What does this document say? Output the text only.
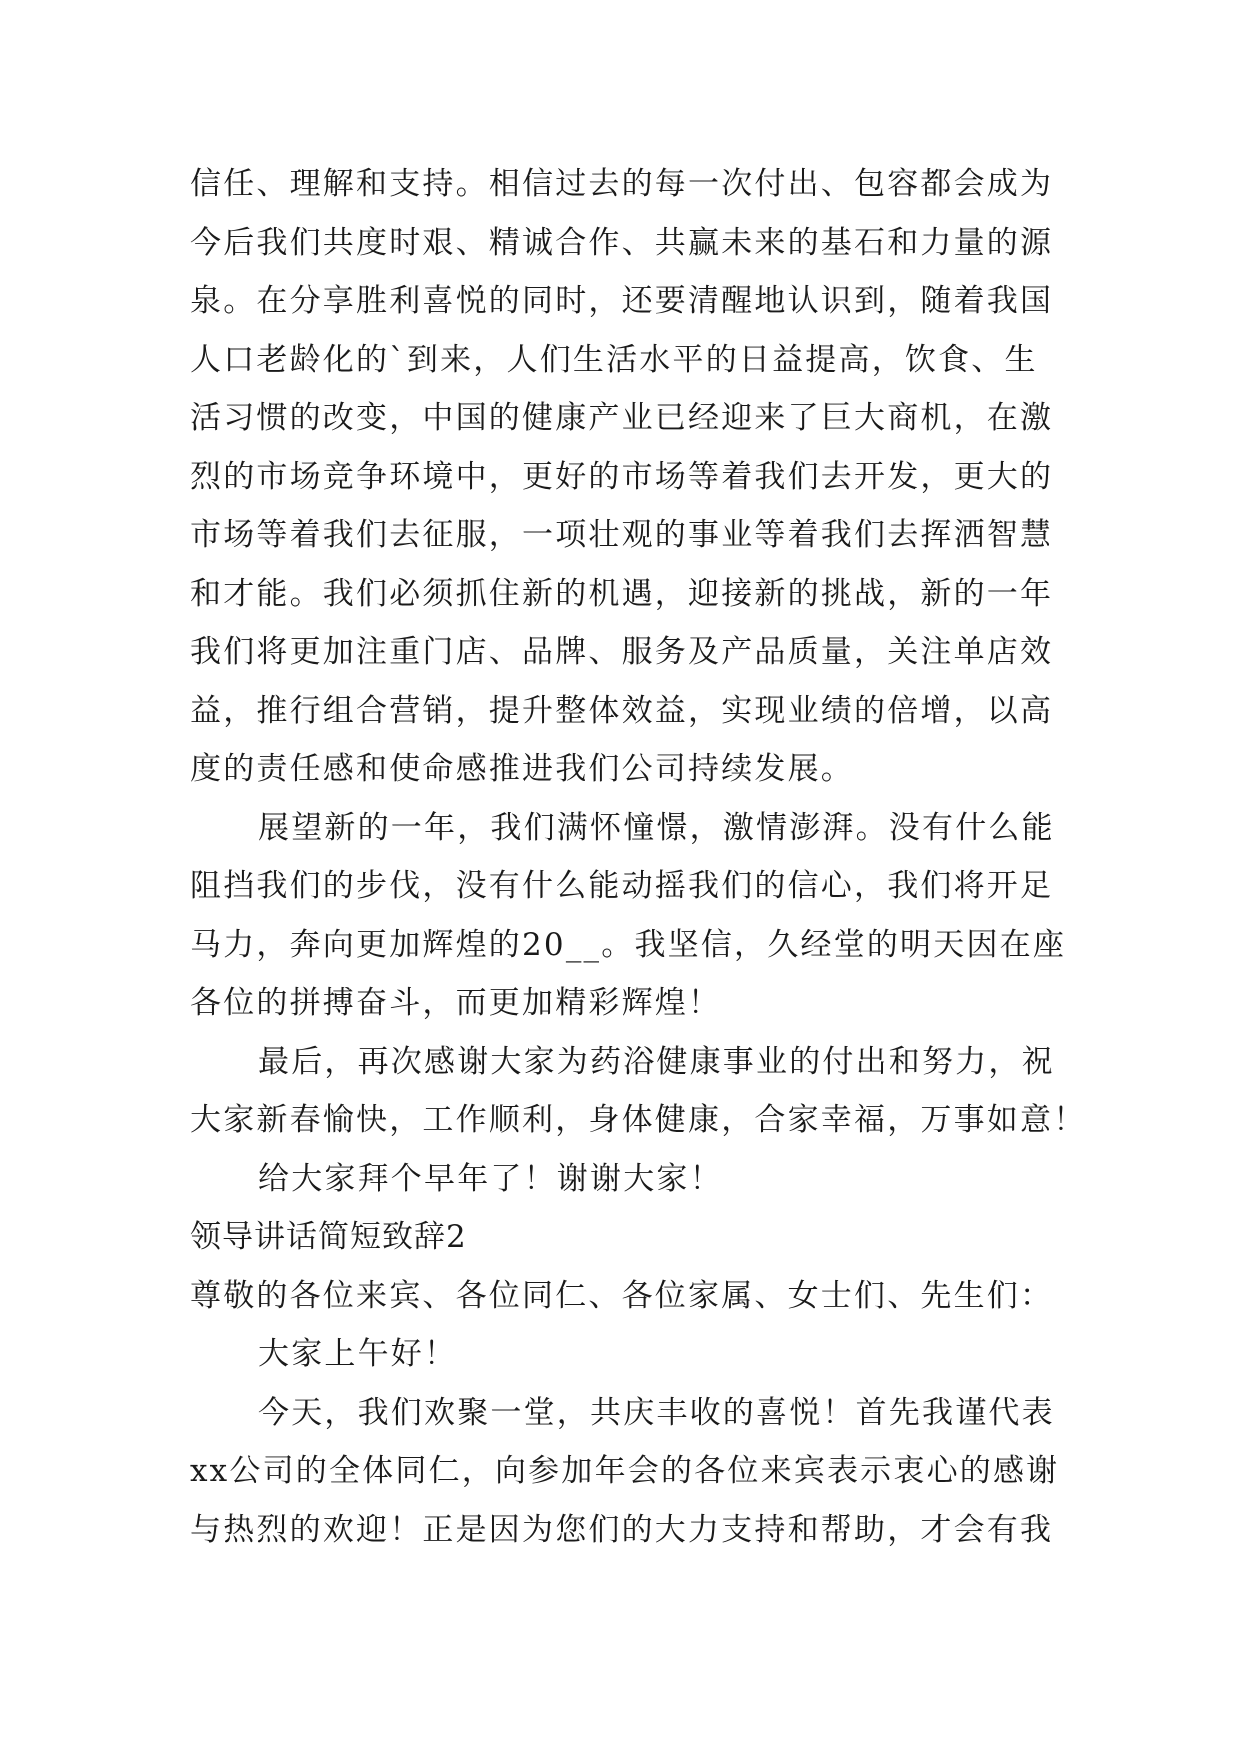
信任、理解和支持。相信过去的每一次付出、包容都会成为
今后我们共度时艰、精诚合作、共赢未来的基石和力量的源
泉。在分享胜利喜悦的同时，还要清醒地认识到，随着我国
人口老龄化的`到来，人们生活水平的日益提高，饮食、生
活习惯的改变，中国的健康产业已经迎来了巨大商机，在激
烈的市场竞争环境中，更好的市场等着我们去开发，更大的
市场等着我们去征服，一项壮观的事业等着我们去挥洒智慧
和才能。我们必须抓住新的机遇，迎接新的挑战，新的一年
我们将更加注重门店、品牌、服务及产品质量，关注单店效
益，推行组合营销，提升整体效益，实现业绩的倍增，以高
度的责任感和使命感推进我们公司持续发展。
展望新的一年，我们满怀憧憬，激情澎湃。没有什么能
阻挡我们的步伐，没有什么能动摇我们的信心，我们将开足
马力，奔向更加辉煌的20__。我坚信，久经堂的明天因在座
各位的拼搏奋斗，而更加精彩辉煌！
最后，再次感谢大家为药浴健康事业的付出和努力，祝
大家新春愉快，工作顺利，身体健康，合家幸福，万事如意！
给大家拜个早年了！谢谢大家！
领导讲话简短致辞2
尊敬的各位来宾、各位同仁、各位家属、女士们、先生们：
大家上午好！
今天，我们欢聚一堂，共庆丰收的喜悦！首先我谨代表
xx公司的全体同仁，向参加年会的各位来宾表示衷心的感谢
与热烈的欢迎！正是因为您们的大力支持和帮助，才会有我
